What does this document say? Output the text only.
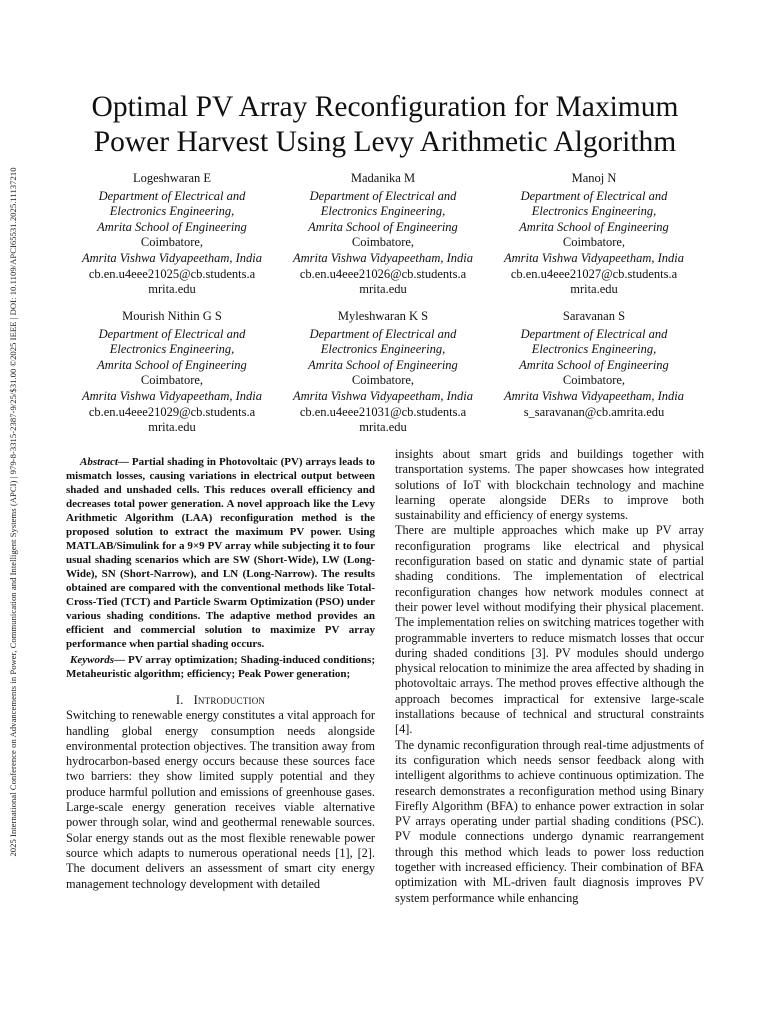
2025 International Conference on Advancements in Power, Communication and Intelligent Systems (APCI) | 979-8-3315-2387-9/25/$31.00 ©2025 IEEE | DOI: 10.1109/APCI65531.2025.11137210
Optimal PV Array Reconfiguration for Maximum Power Harvest Using Levy Arithmetic Algorithm
Logeshwaran E
Department of Electrical and
Electronics Engineering,
Amrita School of Engineering
Coimbatore,
Amrita Vishwa Vidyapeetham, India
cb.en.u4eee21025@cb.students.a
mrita.edu
Madanika M
Department of Electrical and
Electronics Engineering,
Amrita School of Engineering
Coimbatore,
Amrita Vishwa Vidyapeetham, India
cb.en.u4eee21026@cb.students.a
mrita.edu
Manoj N
Department of Electrical and
Electronics Engineering,
Amrita School of Engineering
Coimbatore,
Amrita Vishwa Vidyapeetham, India
cb.en.u4eee21027@cb.students.a
mrita.edu
Mourish Nithin G S
Department of Electrical and
Electronics Engineering,
Amrita School of Engineering
Coimbatore,
Amrita Vishwa Vidyapeetham, India
cb.en.u4eee21029@cb.students.a
mrita.edu
Myleshwaran K S
Department of Electrical and
Electronics Engineering,
Amrita School of Engineering
Coimbatore,
Amrita Vishwa Vidyapeetham, India
cb.en.u4eee21031@cb.students.a
mrita.edu
Saravanan S
Department of Electrical and
Electronics Engineering,
Amrita School of Engineering
Coimbatore,
Amrita Vishwa Vidyapeetham, India
s_saravanan@cb.amrita.edu

Abstract— Partial shading in Photovoltaic (PV) arrays leads to mismatch losses, causing variations in electrical output between shaded and unshaded cells. This reduces overall efficiency and decreases total power generation. A novel approach like the Levy Arithmetic Algorithm (LAA) reconfiguration method is the proposed solution to extract the maximum PV power. Using MATLAB/Simulink for a 9×9 PV array while subjecting it to four usual shading scenarios which are SW (Short-Wide), LW (Long-Wide), SN (Short-Narrow), and LN (Long-Narrow). The results obtained are compared with the conventional methods like Total-Cross-Tied (TCT) and Particle Swarm Optimization (PSO) under various shading conditions. The adaptive method provides an efficient and commercial solution to maximize PV array performance when partial shading occurs.

Keywords— PV array optimization; Shading-induced conditions; Metaheuristic algorithm; efficiency; Peak Power generation;

I. Introduction

Switching to renewable energy constitutes a vital approach for handling global energy consumption needs alongside environmental protection objectives. The transition away from hydrocarbon-based energy occurs because these sources face two barriers: they show limited supply potential and they produce harmful pollution and emissions of greenhouse gases. Large-scale energy generation receives viable alternative power through solar, wind and geothermal renewable sources. Solar energy stands out as the most flexible renewable power source which adapts to numerous operational needs [1], [2]. The document delivers an assessment of smart city energy management technology development with detailed

insights about smart grids and buildings together with transportation systems. The paper showcases how integrated solutions of IoT with blockchain technology and machine learning operate alongside DERs to improve both sustainability and efficiency of energy systems.

There are multiple approaches which make up PV array reconfiguration programs like electrical and physical reconfiguration based on static and dynamic state of partial shading conditions. The implementation of electrical reconfiguration changes how network modules connect at their power level without modifying their physical placement. The implementation relies on switching matrices together with programmable inverters to reduce mismatch losses that occur during shaded conditions [3]. PV modules should undergo physical relocation to minimize the area affected by shading in photovoltaic arrays. The method proves effective although the approach becomes impractical for extensive large-scale installations because of technical and structural constraints [4].

The dynamic reconfiguration through real-time adjustments of its configuration which needs sensor feedback along with intelligent algorithms to achieve continuous optimization. The research demonstrates a reconfiguration method using Binary Firefly Algorithm (BFA) to enhance power extraction in solar PV arrays operating under partial shading conditions (PSC). PV module connections undergo dynamic rearrangement through this method which leads to power loss reduction together with increased efficiency. Their combination of BFA optimization with ML-driven fault diagnosis improves PV system performance while enhancing
